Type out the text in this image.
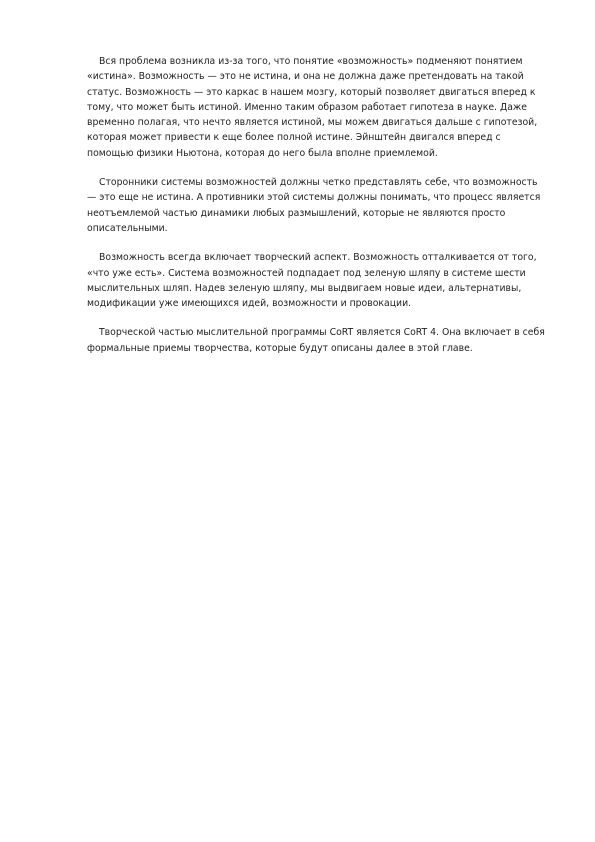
Вся проблема возникла из-за того, что понятие «возможность» подменяют понятием «истина». Возможность — это не истина, и она не должна даже претендовать на такой статус. Возможность — это каркас в нашем мозгу, который позволяет двигаться вперед к тому, что может быть истиной. Именно таким образом работает гипотеза в науке. Даже временно полагая, что нечто является истиной, мы можем двигаться дальше с гипотезой, которая может привести к еще более полной истине. Эйнштейн двигался вперед с помощью физики Ньютона, которая до него была вполне приемлемой.

Сторонники системы возможностей должны четко представлять себе, что возможность — это еще не истина. А противники этой системы должны понимать, что процесс является неотъемлемой частью динамики любых размышлений, которые не являются просто описательными.

Возможность всегда включает творческий аспект. Возможность отталкивается от того, «что уже есть». Система возможностей подпадает под зеленую шляпу в системе шести мыслительных шляп. Надев зеленую шляпу, мы выдвигаем новые идеи, альтернативы, модификации уже имеющихся идей, возможности и провокации.

Творческой частью мыслительной программы CoRT является CoRT 4. Она включает в себя формальные приемы творчества, которые будут описаны далее в этой главе.
